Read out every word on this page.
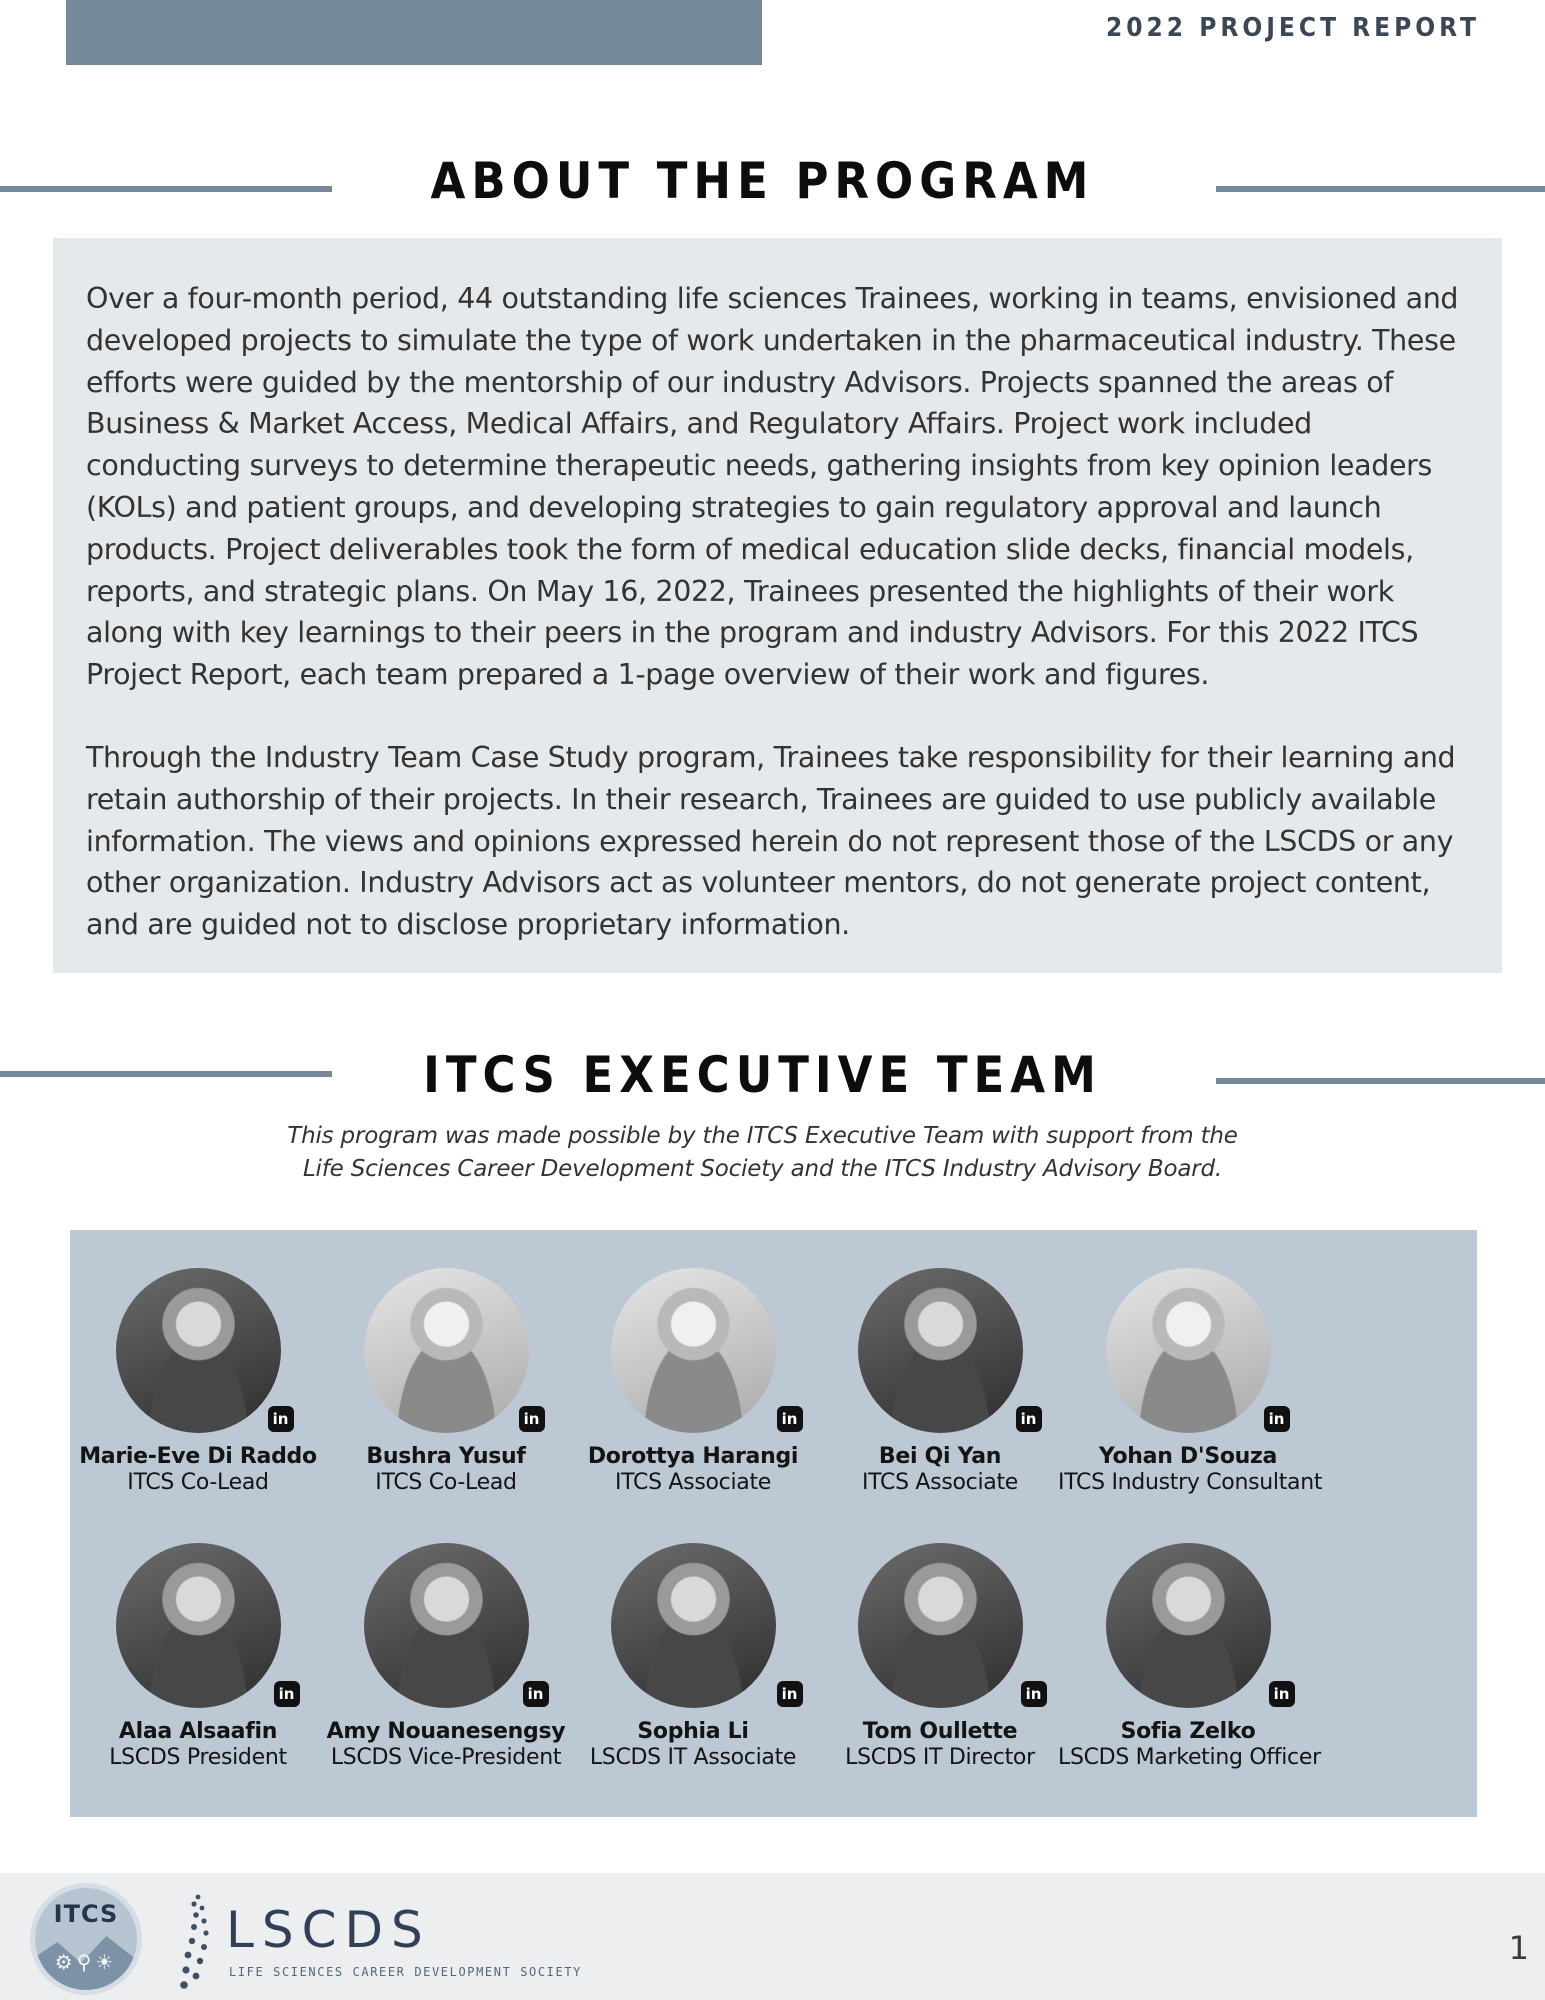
2022 PROJECT REPORT
ABOUT THE PROGRAM

Over a four-month period, 44 outstanding life sciences Trainees, working in teams, envisioned and developed projects to simulate the type of work undertaken in the pharmaceutical industry. These efforts were guided by the mentorship of our industry Advisors. Projects spanned the areas of Business & Market Access, Medical Affairs, and Regulatory Affairs. Project work included conducting surveys to determine therapeutic needs, gathering insights from key opinion leaders (KOLs) and patient groups, and developing strategies to gain regulatory approval and launch products. Project deliverables took the form of medical education slide decks, financial models, reports, and strategic plans. On May 16, 2022, Trainees presented the highlights of their work along with key learnings to their peers in the program and industry Advisors. For this 2022 ITCS Project Report, each team prepared a 1-page overview of their work and figures.

Through the Industry Team Case Study program, Trainees take responsibility for their learning and retain authorship of their projects. In their research, Trainees are guided to use publicly available information. The views and opinions expressed herein do not represent those of the LSCDS or any other organization. Industry Advisors act as volunteer mentors, do not generate project content, and are guided not to disclose proprietary information.

ITCS EXECUTIVE TEAM

This program was made possible by the ITCS Executive Team with support from the Life Sciences Career Development Society and the ITCS Industry Advisory Board.

in
Marie-Eve Di Raddo
ITCS Co-Lead
in
Bushra Yusuf
ITCS Co-Lead
in
Dorottya Harangi
ITCS Associate
in
Bei Qi Yan
ITCS Associate
in
Yohan D'Souza
ITCS Industry Consultant
in
Alaa Alsaafin
LSCDS President
in
Amy Nouanesengsy
LSCDS Vice-President
in
Sophia Li
LSCDS IT Associate
in
Tom Oullette
LSCDS IT Director
in
Sofia Zelko
LSCDS Marketing Officer
ITCS
⚙⚲☀
LSCDS
LIFE SCIENCES CAREER DEVELOPMENT SOCIETY
1
